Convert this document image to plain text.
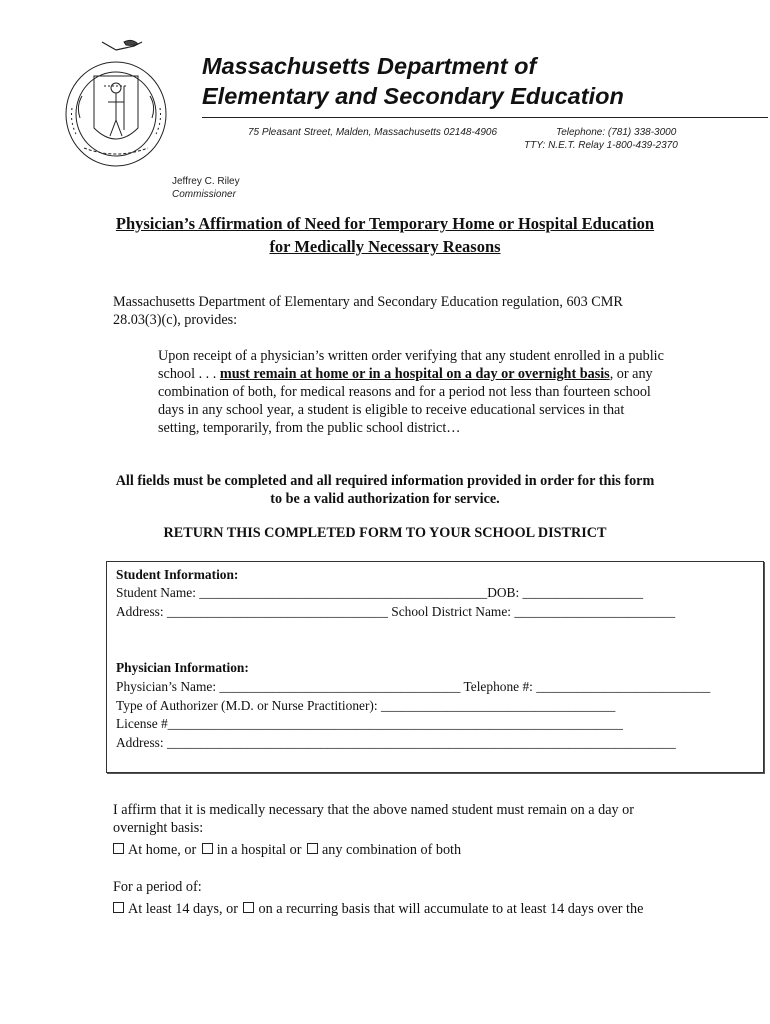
Massachusetts Department of
Elementary and Secondary Education
75 Pleasant Street, Malden, Massachusetts 02148-4906	Telephone: (781) 338-3000
TTY: N.E.T. Relay 1-800-439-2370
Jeffrey C. Riley
Commissioner
Physician’s Affirmation of Need for Temporary Home or Hospital Education
for Medically Necessary Reasons
Massachusetts Department of Elementary and Secondary Education regulation, 603 CMR
28.03(3)(c), provides:
Upon receipt of a physician’s written order verifying that any student enrolled in a public
school . . . must remain at home or in a hospital on a day or overnight basis, or any
combination of both, for medical reasons and for a period not less than fourteen school
days in any school year, a student is eligible to receive educational services in that
setting, temporarily, from the public school district…
All fields must be completed and all required information provided in order for this form
to be a valid authorization for service.
RETURN THIS COMPLETED FORM TO YOUR SCHOOL DISTRICT
Student Information:
Student Name: ___________________________________________DOB: __________________
Address: _________________________________ School District Name: ________________________
Physician Information:
Physician’s Name: ____________________________________ Telephone #: __________________________
Type of Authorizer (M.D. or Nurse Practitioner): ___________________________________
License #____________________________________________________________________
Address: ____________________________________________________________________________
I affirm that it is medically necessary that the above named student must remain on a day or
overnight basis:
At home, or in a hospital or any combination of both
For a period of:
At least 14 days, or on a recurring basis that will accumulate to at least 14 days over the
